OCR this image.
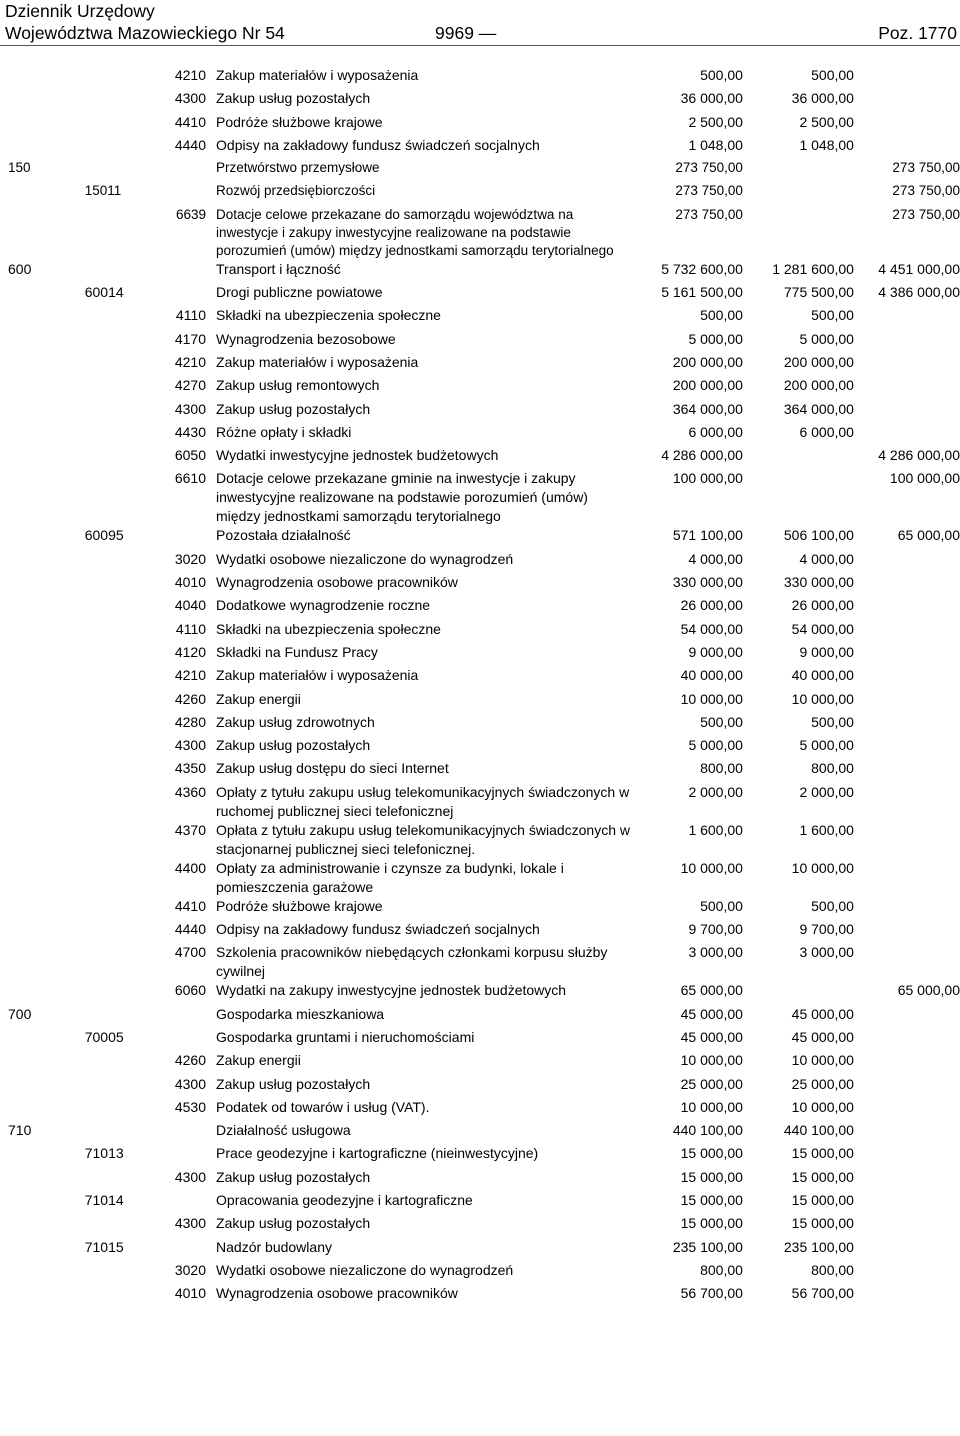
Dziennik Urzędowy
Województwa Mazowieckiego Nr 54	9969 —	Poz. 1770
		4210	Zakup materiałów i wyposażenia	500,00	500,00	
		4300	Zakup usług pozostałych	36 000,00	36 000,00	
		4410	Podróże służbowe krajowe	2 500,00	2 500,00	
		4440	Odpisy na zakładowy fundusz świadczeń socjalnych	1 048,00	1 048,00	
150			Przetwórstwo przemysłowe	273 750,00		273 750,00
	15011		Rozwój przedsiębiorczości	273 750,00		273 750,00
		6639	Dotacje celowe przekazane do samorządu województwa na inwestycje i zakupy inwestycyjne realizowane na podstawie porozumień (umów) między jednostkami samorządu terytorialnego	273 750,00		273 750,00
600			Transport i łączność	5 732 600,00	1 281 600,00	4 451 000,00
	60014		Drogi publiczne powiatowe	5 161 500,00	775 500,00	4 386 000,00
		4110	Składki na ubezpieczenia społeczne	500,00	500,00	
		4170	Wynagrodzenia bezosobowe	5 000,00	5 000,00	
		4210	Zakup materiałów i wyposażenia	200 000,00	200 000,00	
		4270	Zakup usług remontowych	200 000,00	200 000,00	
		4300	Zakup usług pozostałych	364 000,00	364 000,00	
		4430	Różne opłaty i składki	6 000,00	6 000,00	
		6050	Wydatki inwestycyjne jednostek budżetowych	4 286 000,00		4 286 000,00
		6610	Dotacje celowe przekazane gminie na inwestycje i zakupy inwestycyjne realizowane na podstawie porozumień (umów) między jednostkami samorządu terytorialnego	100 000,00		100 000,00
	60095		Pozostała działalność	571 100,00	506 100,00	65 000,00
		3020	Wydatki osobowe niezaliczone do wynagrodzeń	4 000,00	4 000,00	
		4010	Wynagrodzenia osobowe pracowników	330 000,00	330 000,00	
		4040	Dodatkowe wynagrodzenie roczne	26 000,00	26 000,00	
		4110	Składki na ubezpieczenia społeczne	54 000,00	54 000,00	
		4120	Składki na Fundusz Pracy	9 000,00	9 000,00	
		4210	Zakup materiałów i wyposażenia	40 000,00	40 000,00	
		4260	Zakup energii	10 000,00	10 000,00	
		4280	Zakup usług zdrowotnych	500,00	500,00	
		4300	Zakup usług pozostałych	5 000,00	5 000,00	
		4350	Zakup usług dostępu do sieci Internet	800,00	800,00	
		4360	Opłaty z tytułu zakupu usług telekomunikacyjnych świadczonych w ruchomej publicznej sieci telefonicznej	2 000,00	2 000,00	
		4370	Opłata z tytułu zakupu usług telekomunikacyjnych świadczonych w stacjonarnej publicznej sieci telefonicznej.	1 600,00	1 600,00	
		4400	Opłaty za administrowanie i czynsze za budynki, lokale i pomieszczenia garażowe	10 000,00	10 000,00	
		4410	Podróże służbowe krajowe	500,00	500,00	
		4440	Odpisy na zakładowy fundusz świadczeń socjalnych	9 700,00	9 700,00	
		4700	Szkolenia pracowników niebędących członkami korpusu służby cywilnej	3 000,00	3 000,00	
		6060	Wydatki na zakupy inwestycyjne jednostek budżetowych	65 000,00		65 000,00
700			Gospodarka mieszkaniowa	45 000,00	45 000,00	
	70005		Gospodarka gruntami i nieruchomościami	45 000,00	45 000,00	
		4260	Zakup energii	10 000,00	10 000,00	
		4300	Zakup usług pozostałych	25 000,00	25 000,00	
		4530	Podatek od towarów i usług (VAT).	10 000,00	10 000,00	
710			Działalność usługowa	440 100,00	440 100,00	
	71013		Prace geodezyjne i kartograficzne (nieinwestycyjne)	15 000,00	15 000,00	
		4300	Zakup usług pozostałych	15 000,00	15 000,00	
	71014		Opracowania geodezyjne i kartograficzne	15 000,00	15 000,00	
		4300	Zakup usług pozostałych	15 000,00	15 000,00	
	71015		Nadzór budowlany	235 100,00	235 100,00	
		3020	Wydatki osobowe niezaliczone do wynagrodzeń	800,00	800,00	
		4010	Wynagrodzenia osobowe pracowników	56 700,00	56 700,00	
